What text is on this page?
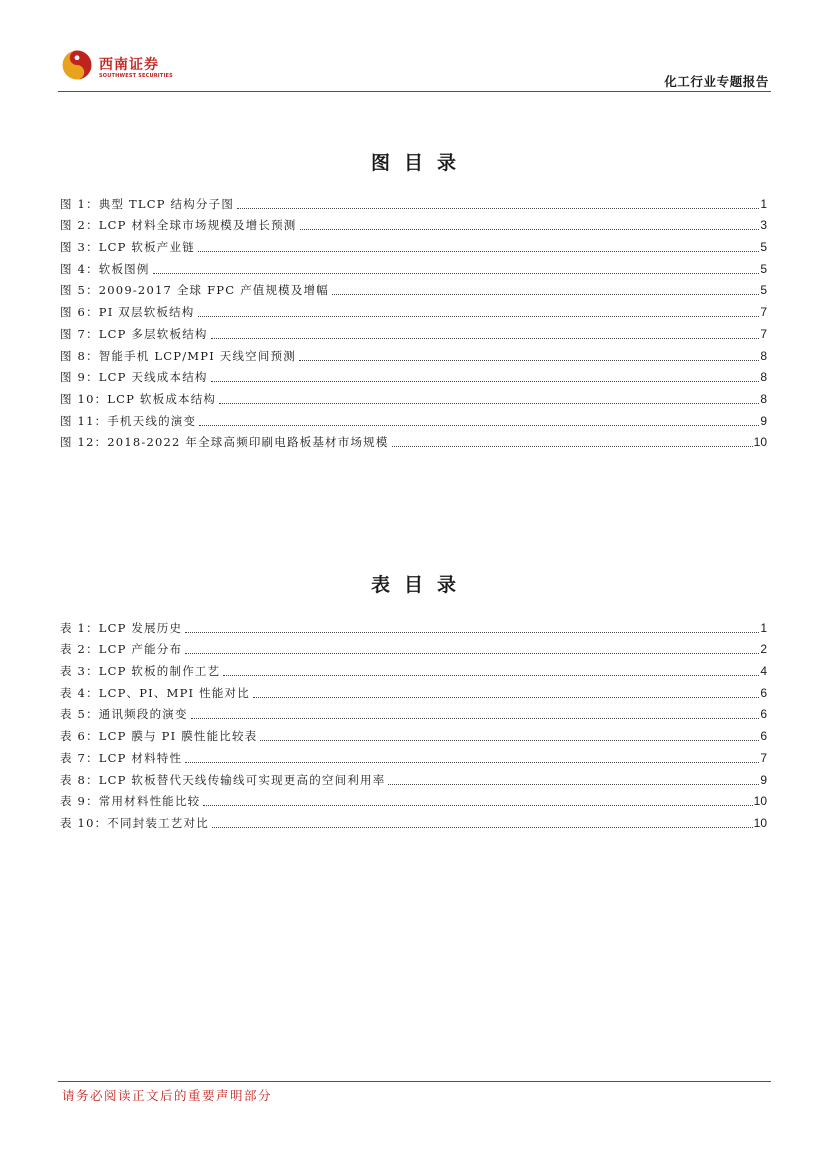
西南证券
SOUTHWEST SECURITIES	化工行业专题报告
图目录
图 1：典型 TLCP 结构分子图	1
图 2：LCP 材料全球市场规模及增长预测	3
图 3：LCP 软板产业链	5
图 4：软板图例	5
图 5：2009-2017 全球 FPC 产值规模及增幅	5
图 6：PI 双层软板结构	7
图 7：LCP 多层软板结构	7
图 8：智能手机 LCP/MPI 天线空间预测	8
图 9：LCP 天线成本结构	8
图 10：LCP 软板成本结构	8
图 11：手机天线的演变	9
图 12：2018-2022 年全球高频印刷电路板基材市场规模	10
表目录
表 1：LCP 发展历史	1
表 2：LCP 产能分布	2
表 3：LCP 软板的制作工艺	4
表 4：LCP、PI、MPI 性能对比	6
表 5：通讯频段的演变	6
表 6：LCP 膜与 PI 膜性能比较表	6
表 7：LCP 材料特性	7
表 8：LCP 软板替代天线传输线可实现更高的空间利用率	9
表 9：常用材料性能比较	10
表 10：不同封装工艺对比	10
请务必阅读正文后的重要声明部分
